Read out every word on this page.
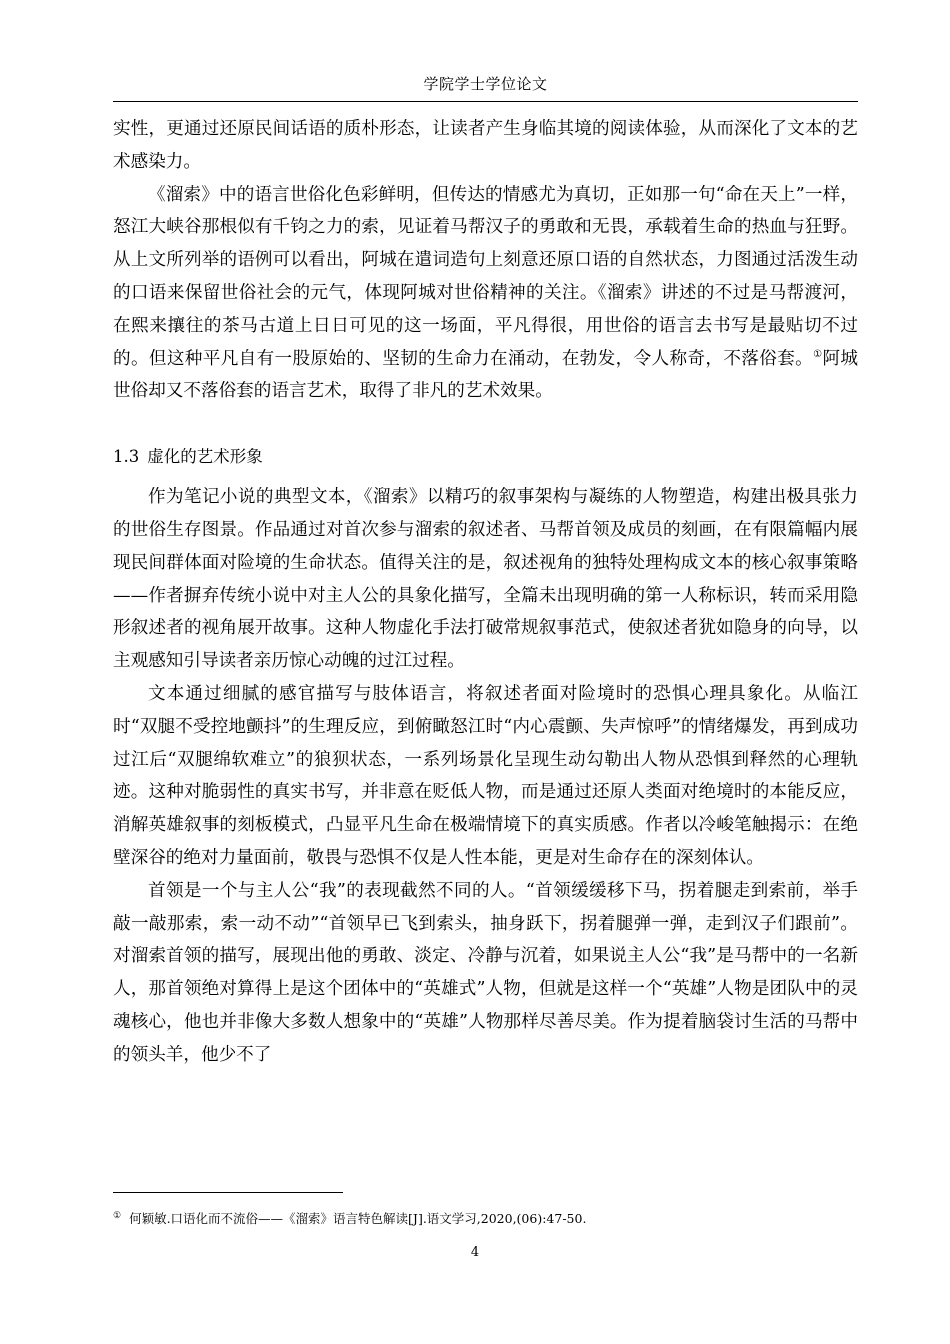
学院学士学位论文

实性，更通过还原民间话语的质朴形态，让读者产生身临其境的阅读体验，从而深化了文本的艺术感染力。

《溜索》中的语言世俗化色彩鲜明，但传达的情感尤为真切，正如那一句“命在天上”一样，怒江大峡谷那根似有千钧之力的索，见证着马帮汉子的勇敢和无畏，承载着生命的热血与狂野。从上文所列举的语例可以看出，阿城在遣词造句上刻意还原口语的自然状态，力图通过活泼生动的口语来保留世俗社会的元气，体现阿城对世俗精神的关注。《溜索》讲述的不过是马帮渡河，在熙来攘往的茶马古道上日日可见的这一场面，平凡得很，用世俗的语言去书写是最贴切不过的。但这种平凡自有一股原始的、坚韧的生命力在涌动，在勃发，令人称奇，不落俗套。①阿城世俗却又不落俗套的语言艺术，取得了非凡的艺术效果。

1.3 虚化的艺术形象

作为笔记小说的典型文本，《溜索》以精巧的叙事架构与凝练的人物塑造，构建出极具张力的世俗生存图景。作品通过对首次参与溜索的叙述者、马帮首领及成员的刻画，在有限篇幅内展现民间群体面对险境的生命状态。值得关注的是，叙述视角的独特处理构成文本的核心叙事策略——作者摒弃传统小说中对主人公的具象化描写，全篇未出现明确的第一人称标识，转而采用隐形叙述者的视角展开故事。这种人物虚化手法打破常规叙事范式，使叙述者犹如隐身的向导，以主观感知引导读者亲历惊心动魄的过江过程。

文本通过细腻的感官描写与肢体语言，将叙述者面对险境时的恐惧心理具象化。从临江时“双腿不受控地颤抖”的生理反应，到俯瞰怒江时“内心震颤、失声惊呼”的情绪爆发，再到成功过江后“双腿绵软难立”的狼狈状态，一系列场景化呈现生动勾勒出人物从恐惧到释然的心理轨迹。这种对脆弱性的真实书写，并非意在贬低人物，而是通过还原人类面对绝境时的本能反应，消解英雄叙事的刻板模式，凸显平凡生命在极端情境下的真实质感。作者以冷峻笔触揭示：在绝壁深谷的绝对力量面前，敬畏与恐惧不仅是人性本能，更是对生命存在的深刻体认。

首领是一个与主人公“我”的表现截然不同的人。“首领缓缓移下马，拐着腿走到索前，举手敲一敲那索，索一动不动”“首领早已飞到索头，抽身跃下，拐着腿弹一弹，走到汉子们跟前”。对溜索首领的描写，展现出他的勇敢、淡定、冷静与沉着，如果说主人公“我”是马帮中的一名新人，那首领绝对算得上是这个团体中的“英雄式”人物，但就是这样一个“英雄”人物是团队中的灵魂核心，他也并非像大多数人想象中的“英雄”人物那样尽善尽美。作为提着脑袋讨生活的马帮中的领头羊，他少不了

① 何颖敏.口语化而不流俗——《溜索》语言特色解读[J].语文学习,2020,(06):47-50.
4
